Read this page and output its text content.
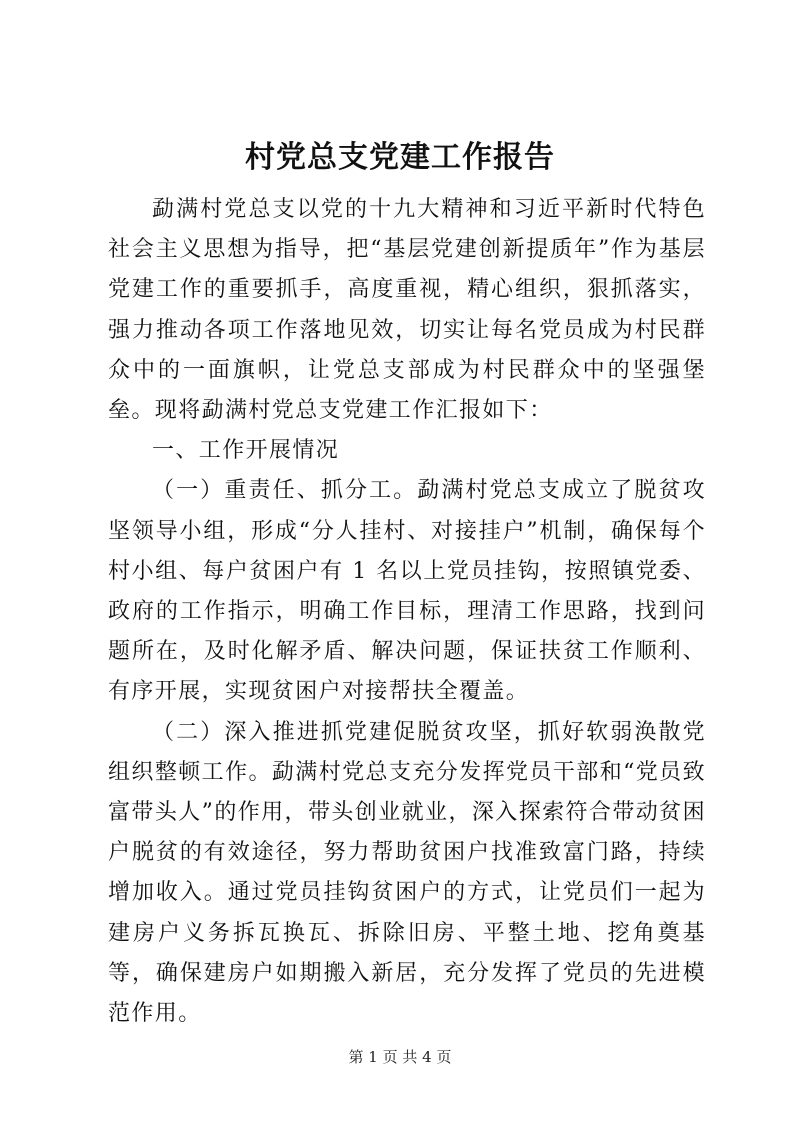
村党总支党建工作报告

勐满村党总支以党的十九大精神和习近平新时代特色社会主义思想为指导，把“基层党建创新提质年”作为基层党建工作的重要抓手，高度重视，精心组织，狠抓落实，强力推动各项工作落地见效，切实让每名党员成为村民群众中的一面旗帜，让党总支部成为村民群众中的坚强堡垒。现将勐满村党总支党建工作汇报如下：

一、工作开展情况

（一）重责任、抓分工。勐满村党总支成立了脱贫攻坚领导小组，形成“分人挂村、对接挂户”机制，确保每个村小组、每户贫困户有 1 名以上党员挂钩，按照镇党委、政府的工作指示，明确工作目标，理清工作思路，找到问题所在，及时化解矛盾、解决问题，保证扶贫工作顺利、有序开展，实现贫困户对接帮扶全覆盖。

（二）深入推进抓党建促脱贫攻坚，抓好软弱涣散党组织整顿工作。勐满村党总支充分发挥党员干部和“党员致富带头人”的作用，带头创业就业，深入探索符合带动贫困户脱贫的有效途径，努力帮助贫困户找准致富门路，持续增加收入。通过党员挂钩贫困户的方式，让党员们一起为建房户义务拆瓦换瓦、拆除旧房、平整土地、挖角奠基等，确保建房户如期搬入新居，充分发挥了党员的先进模范作用。

第 1 页 共 4 页
